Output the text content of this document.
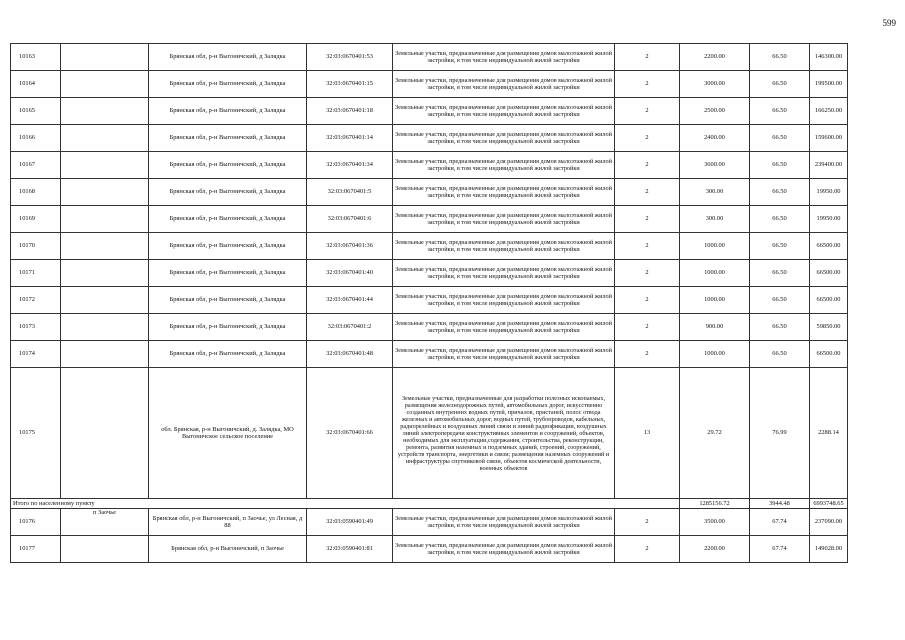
599
10163		Брянская обл, р-н Выгоничский, д Залядка	32:03:0670401:53	Земельные участки, предназначенные для размещения домов малоэтажной жилой застройки, в том числе индивидуальной жилой застройки	2	2200.00	66.50	146300.00
10164		Брянская обл, р-н Выгоничский, д Залядка	32:03:0670401:15	Земельные участки, предназначенные для размещения домов малоэтажной жилой застройки, в том числе индивидуальной жилой застройки	2	3000.00	66.50	199500.00
10165		Брянская обл, р-н Выгоничский, д Залядка	32:03:0670401:18	Земельные участки, предназначенные для размещения домов малоэтажной жилой застройки, в том числе индивидуальной жилой застройки	2	2500.00	66.50	166250.00
10166		Брянская обл, р-н Выгоничский, д Залядка	32:03:0670401:14	Земельные участки, предназначенные для размещения домов малоэтажной жилой застройки, в том числе индивидуальной жилой застройки	2	2400.00	66.50	159600.00
10167		Брянская обл, р-н Выгоничский, д Залядка	32:03:0670401:34	Земельные участки, предназначенные для размещения домов малоэтажной жилой застройки, в том числе индивидуальной жилой застройки	2	3600.00	66.50	239400.00
10168		Брянская обл, р-н Выгоничский, д Залядка	32:03:0670401:5	Земельные участки, предназначенные для размещения домов малоэтажной жилой застройки, в том числе индивидуальной жилой застройки	2	300.00	66.50	19950.00
10169		Брянская обл, р-н Выгоничский, д Залядка	32:03:0670401:6	Земельные участки, предназначенные для размещения домов малоэтажной жилой застройки, в том числе индивидуальной жилой застройки	2	300.00	66.50	19950.00
10170		Брянская обл, р-н Выгоничский, д Залядка	32:03:0670401:36	Земельные участки, предназначенные для размещения домов малоэтажной жилой застройки, в том числе индивидуальной жилой застройки	2	1000.00	66.50	66500.00
10171		Брянская обл, р-н Выгоничский, д Залядка	32:03:0670401:40	Земельные участки, предназначенные для размещения домов малоэтажной жилой застройки, в том числе индивидуальной жилой застройки	2	1000.00	66.50	66500.00
10172		Брянская обл, р-н Выгоничский, д Залядка	32:03:0670401:44	Земельные участки, предназначенные для размещения домов малоэтажной жилой застройки, в том числе индивидуальной жилой застройки	2	1000.00	66.50	66500.00
10173		Брянская обл, р-н Выгоничский, д Залядка	32:03:0670401:2	Земельные участки, предназначенные для размещения домов малоэтажной жилой застройки, в том числе индивидуальной жилой застройки	2	900.00	66.50	59850.00
10174		Брянская обл, р-н Выгоничский, д Залядка	32:03:0670401:48	Земельные участки, предназначенные для размещения домов малоэтажной жилой застройки, в том числе индивидуальной жилой застройки	2	1000.00	66.50	66500.00
10175		обл. Брянская, р-н Выгоничский, д. Залядка, МО Выгоничское сельское поселение	32:03:0670401:66	Земельные участки, предназначенные для разработки полезных ископаемых, размещения железнодорожных путей, автомобильных дорог, искусственно созданных внутренних водных путей, причалов, пристаней, полос отвода железных и автомобильных дорог, водных путей, трубопроводов, кабельных, радиорелейных и воздушных линий связи и линий радиофикации, воздушных линий электропередачи конструктивных элементов и сооружений, объектов, необходимых для эксплуатации,содержания, строительства, реконструкции, ремонта, развития наземных и подземных зданий, строений, сооружений, устройств транспорта, энергетики и связи; размещения наземных сооружений и инфраструктуры спутниковой связи, объектов космической деятельности, военных объектов	13	29.72	76.99	2288.14
Итого по населенному пункту						1285156.72	3944.48	6993748.65
10176	п Заочье	Брянская обл, р-н Выгоничский, п Заочье, ул Лесная, д 88	32:03:0590401:49	Земельные участки, предназначенные для размещения домов малоэтажной жилой застройки, в том числе индивидуальной жилой застройки	2	3500.00	67.74	237090.00
10177		Брянская обл, р-н Выгоничский, п Заочье	32:03:0590401:81	Земельные участки, предназначенные для размещения домов малоэтажной жилой застройки, в том числе индивидуальной жилой застройки	2	2200.00	67.74	149028.00
